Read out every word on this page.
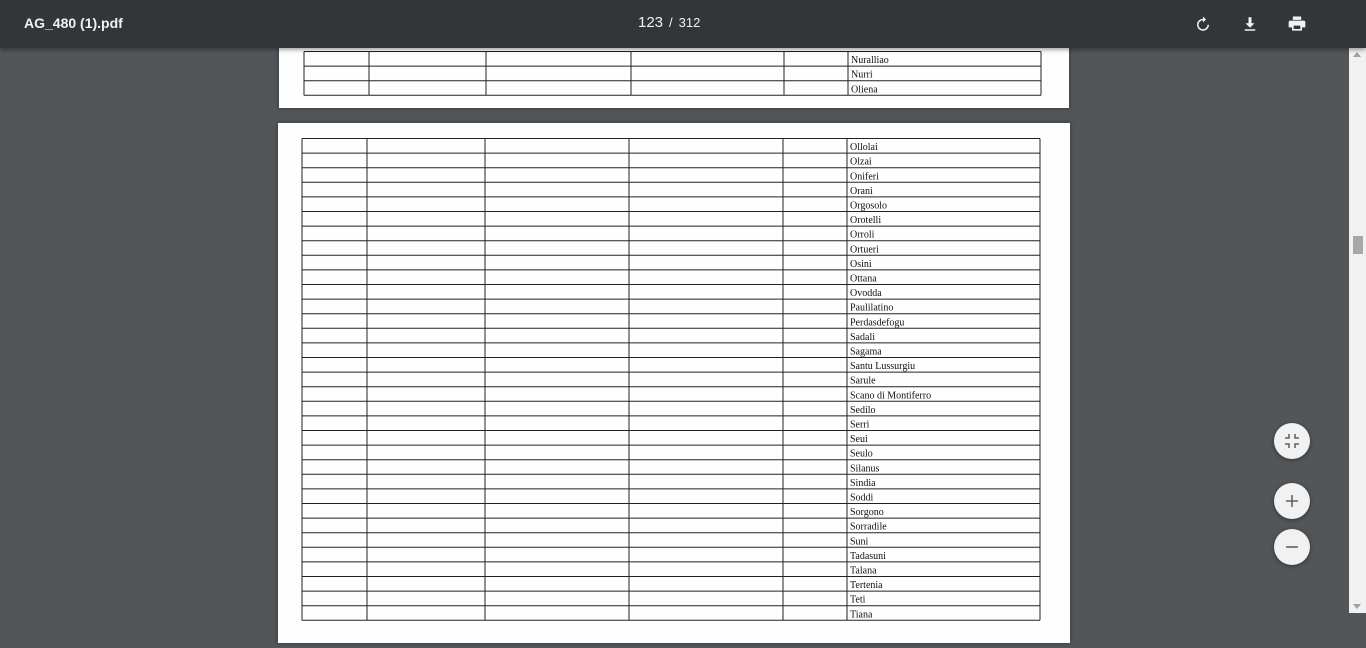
AG_480 (1).pdf	123 / 312
Nuralliao
Nurri
Oliena
Ollolai
Olzai
Oniferi
Orani
Orgosolo
Orotelli
Orroli
Ortueri
Osini
Ottana
Ovodda
Paulilatino
Perdasdefogu
Sadali
Sagama
Santu Lussurgiu
Sarule
Scano di Montiferro
Sedilo
Serri
Seui
Seulo
Silanus
Sindia
Soddi
Sorgono
Sorradile
Suni
Tadasuni
Talana
Tertenia
Teti
Tiana
